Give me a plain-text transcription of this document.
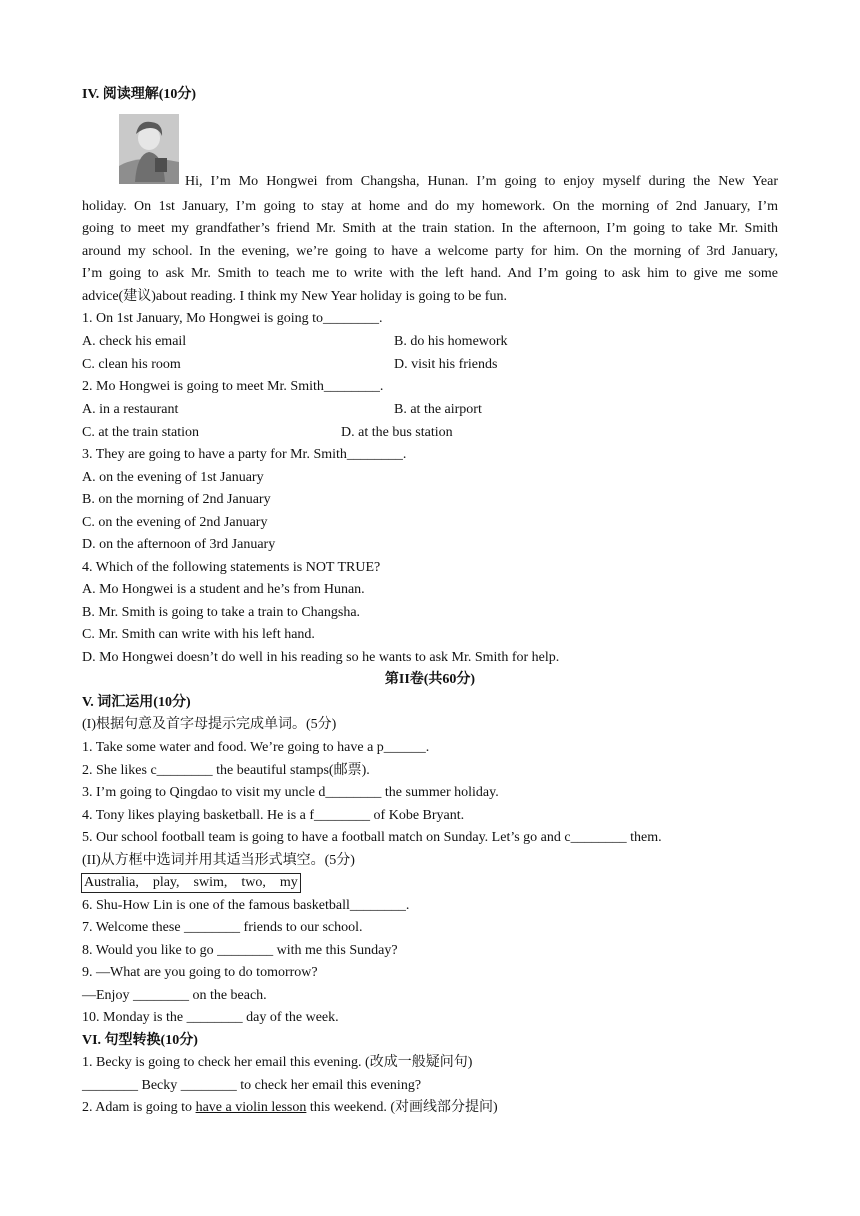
IV. 阅读理解(10分)
Hi, I’m Mo Hongwei from Changsha, Hunan. I’m going to enjoy myself during the New Year
holiday. On 1st January, I’m going to stay at home and do my homework. On the morning of 2nd January, I’m
going to meet my grandfather’s friend Mr. Smith at the train station. In the afternoon, I’m going to take Mr. Smith
around my school. In the evening, we’re going to have a welcome party for him. On the morning of 3rd January,
I’m going to ask Mr. Smith to teach me to write with the left hand. And I’m going to ask him to give me some
advice(建议)about reading. I think my New Year holiday is going to be fun.
1. On 1st January, Mo Hongwei is going to________.
A. check his email	B. do his homework
C. clean his room	D. visit his friends
2. Mo Hongwei is going to meet Mr. Smith________.
A. in a restaurant	B. at the airport
C. at the train station	D. at the bus station
3. They are going to have a party for Mr. Smith________.
A. on the evening of 1st January
B. on the morning of 2nd January
C. on the evening of 2nd January
D. on the afternoon of 3rd January
4. Which of the following statements is NOT TRUE?
A. Mo Hongwei is a student and he’s from Hunan.
B. Mr. Smith is going to take a train to Changsha.
C. Mr. Smith can write with his left hand.
D. Mo Hongwei doesn’t do well in his reading so he wants to ask Mr. Smith for help.
第II卷(共60分)
V. 词汇运用(10分)
(I)根据句意及首字母提示完成单词。(5分)
1. Take some water and food. We’re going to have a p______.
2. She likes c________ the beautiful stamps(邮票).
3. I’m going to Qingdao to visit my uncle d________ the summer holiday.
4. Tony likes playing basketball. He is a f________ of Kobe Bryant.
5. Our school football team is going to have a football match on Sunday. Let’s go and c________ them.
(II)从方框中选词并用其适当形式填空。(5分)
Australia,    play,    swim,    two,    my
6. Shu-How Lin is one of the famous basketball________.
7. Welcome these ________ friends to our school.
8. Would you like to go ________ with me this Sunday?
9. —What are you going to do tomorrow?
—Enjoy ________ on the beach.
10. Monday is the ________ day of the week.
VI. 句型转换(10分)
1. Becky is going to check her email this evening. (改成一般疑问句)
________ Becky ________ to check her email this evening?
2. Adam is going to have a violin lesson this weekend. (对画线部分提问)
